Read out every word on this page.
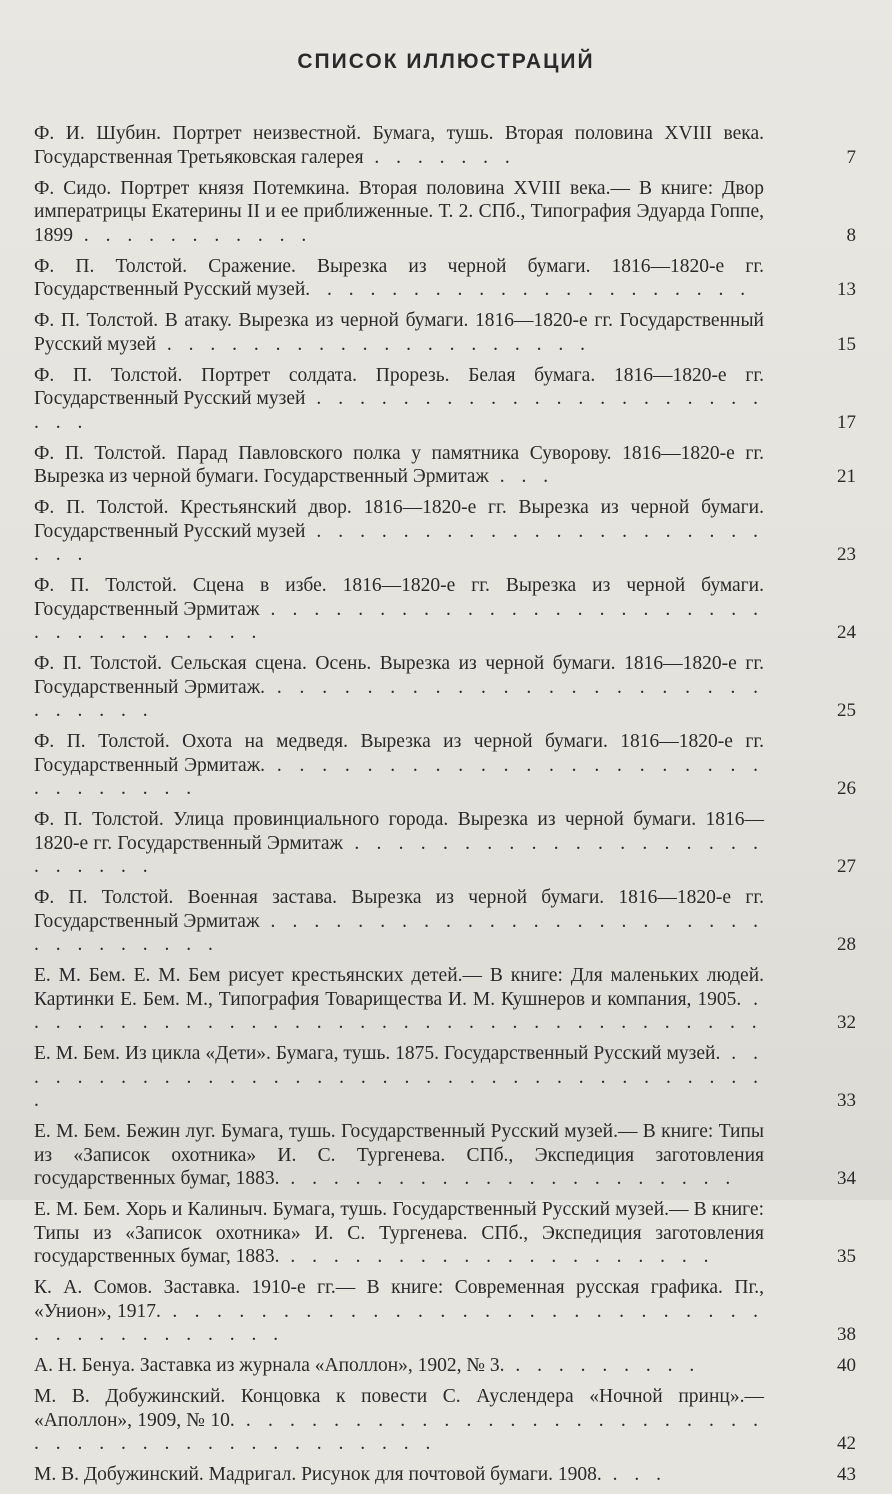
СПИСОК ИЛЛЮСТРАЦИЙ
Ф. И. Шубин. Портрет неизвестной. Бумага, тушь. Вторая половина XVIII века. Государственная Третьяковская галерея . . . . . . .	7
Ф. Сидо. Портрет князя Потемкина. Вторая половина XVIII века.— В книге: Двор императрицы Екатерины II и ее приближенные. Т. 2. СПб., Типография Эдуарда Гоппе, 1899 . . . . . . . . . . .	8
Ф. П. Толстой. Сражение. Вырезка из черной бумаги. 1816—1820-е гг. Государственный Русский музей. . . . . . . . . . . . . . . . . . . . .	13
Ф. П. Толстой. В атаку. Вырезка из черной бумаги. 1816—1820-е гг. Государственный Русский музей . . . . . . . . . . . . . . . . . . . .	15
Ф. П. Толстой. Портрет солдата. Прорезь. Белая бумага. 1816—1820-е гг. Государственный Русский музей . . . . . . . . . . . . . . . . . . . . . . . .	17
Ф. П. Толстой. Парад Павловского полка у памятника Суворову. 1816—1820-е гг. Вырезка из черной бумаги. Государственный Эрмитаж . . .	21
Ф. П. Толстой. Крестьянский двор. 1816—1820-е гг. Вырезка из черной бумаги. Государственный Русский музей . . . . . . . . . . . . . . . . . . . . . . . .	23
Ф. П. Толстой. Сцена в избе. 1816—1820-е гг. Вырезка из черной бумаги. Государственный Эрмитаж . . . . . . . . . . . . . . . . . . . . . . . . . . . . . . . . . .	24
Ф. П. Толстой. Сельская сцена. Осень. Вырезка из черной бумаги. 1816—1820-е гг. Государственный Эрмитаж. . . . . . . . . . . . . . . . . . . . . . . . . . . . .	25
Ф. П. Толстой. Охота на медведя. Вырезка из черной бумаги. 1816—1820-е гг. Государственный Эрмитаж. . . . . . . . . . . . . . . . . . . . . . . . . . . . . . .	26
Ф. П. Толстой. Улица провинциального города. Вырезка из черной бумаги. 1816—1820-е гг. Государственный Эрмитаж . . . . . . . . . . . . . . . . . . . . . . . . .	27
Ф. П. Толстой. Военная застава. Вырезка из черной бумаги. 1816—1820-е гг. Государственный Эрмитаж . . . . . . . . . . . . . . . . . . . . . . . . . . . . . . . .	28
Е. М. Бем. Е. М. Бем рисует крестьянских детей.— В книге: Для маленьких людей. Картинки Е. Бем. М., Типография Товарищества И. М. Кушнеров и компания, 1905. . . . . . . . . . . . . . . . . . . . . . . . . . . . . . . . . . . .	32
Е. М. Бем. Из цикла «Дети». Бумага, тушь. 1875. Государственный Русский музей. . . . . . . . . . . . . . . . . . . . . . . . . . . . . . . . . . . . . .	33
Е. М. Бем. Бежин луг. Бумага, тушь. Государственный Русский музей.— В книге: Типы из «Записок охотника» И. С. Тургенева. СПб., Экспедиция заготовления государственных бумаг, 1883. . . . . . . . . . . . . . . . . . . . . .	34
Е. М. Бем. Хорь и Калиныч. Бумага, тушь. Государственный Русский музей.— В книге: Типы из «Записок охотника» И. С. Тургенева. СПб., Экспедиция заготовления государственных бумаг, 1883. . . . . . . . . . . . . . . . . . . . .	35
К. А. Сомов. Заставка. 1910-е гг.— В книге: Современная русская графика. Пг., «Унион», 1917. . . . . . . . . . . . . . . . . . . . . . . . . . . . . . . . . . . . . . . .	38
А. Н. Бенуа. Заставка из журнала «Аполлон», 1902, № 3. . . . . . . . . .	40
М. В. Добужинский. Концовка к повести С. Ауслендера «Ночной принц».— «Аполлон», 1909, № 10. . . . . . . . . . . . . . . . . . . . . . . . . . . . . . . . . . . . . . . . . . . .	42
М. В. Добужинский. Мадригал. Рисунок для почтовой бумаги. 1908. . . .	43
